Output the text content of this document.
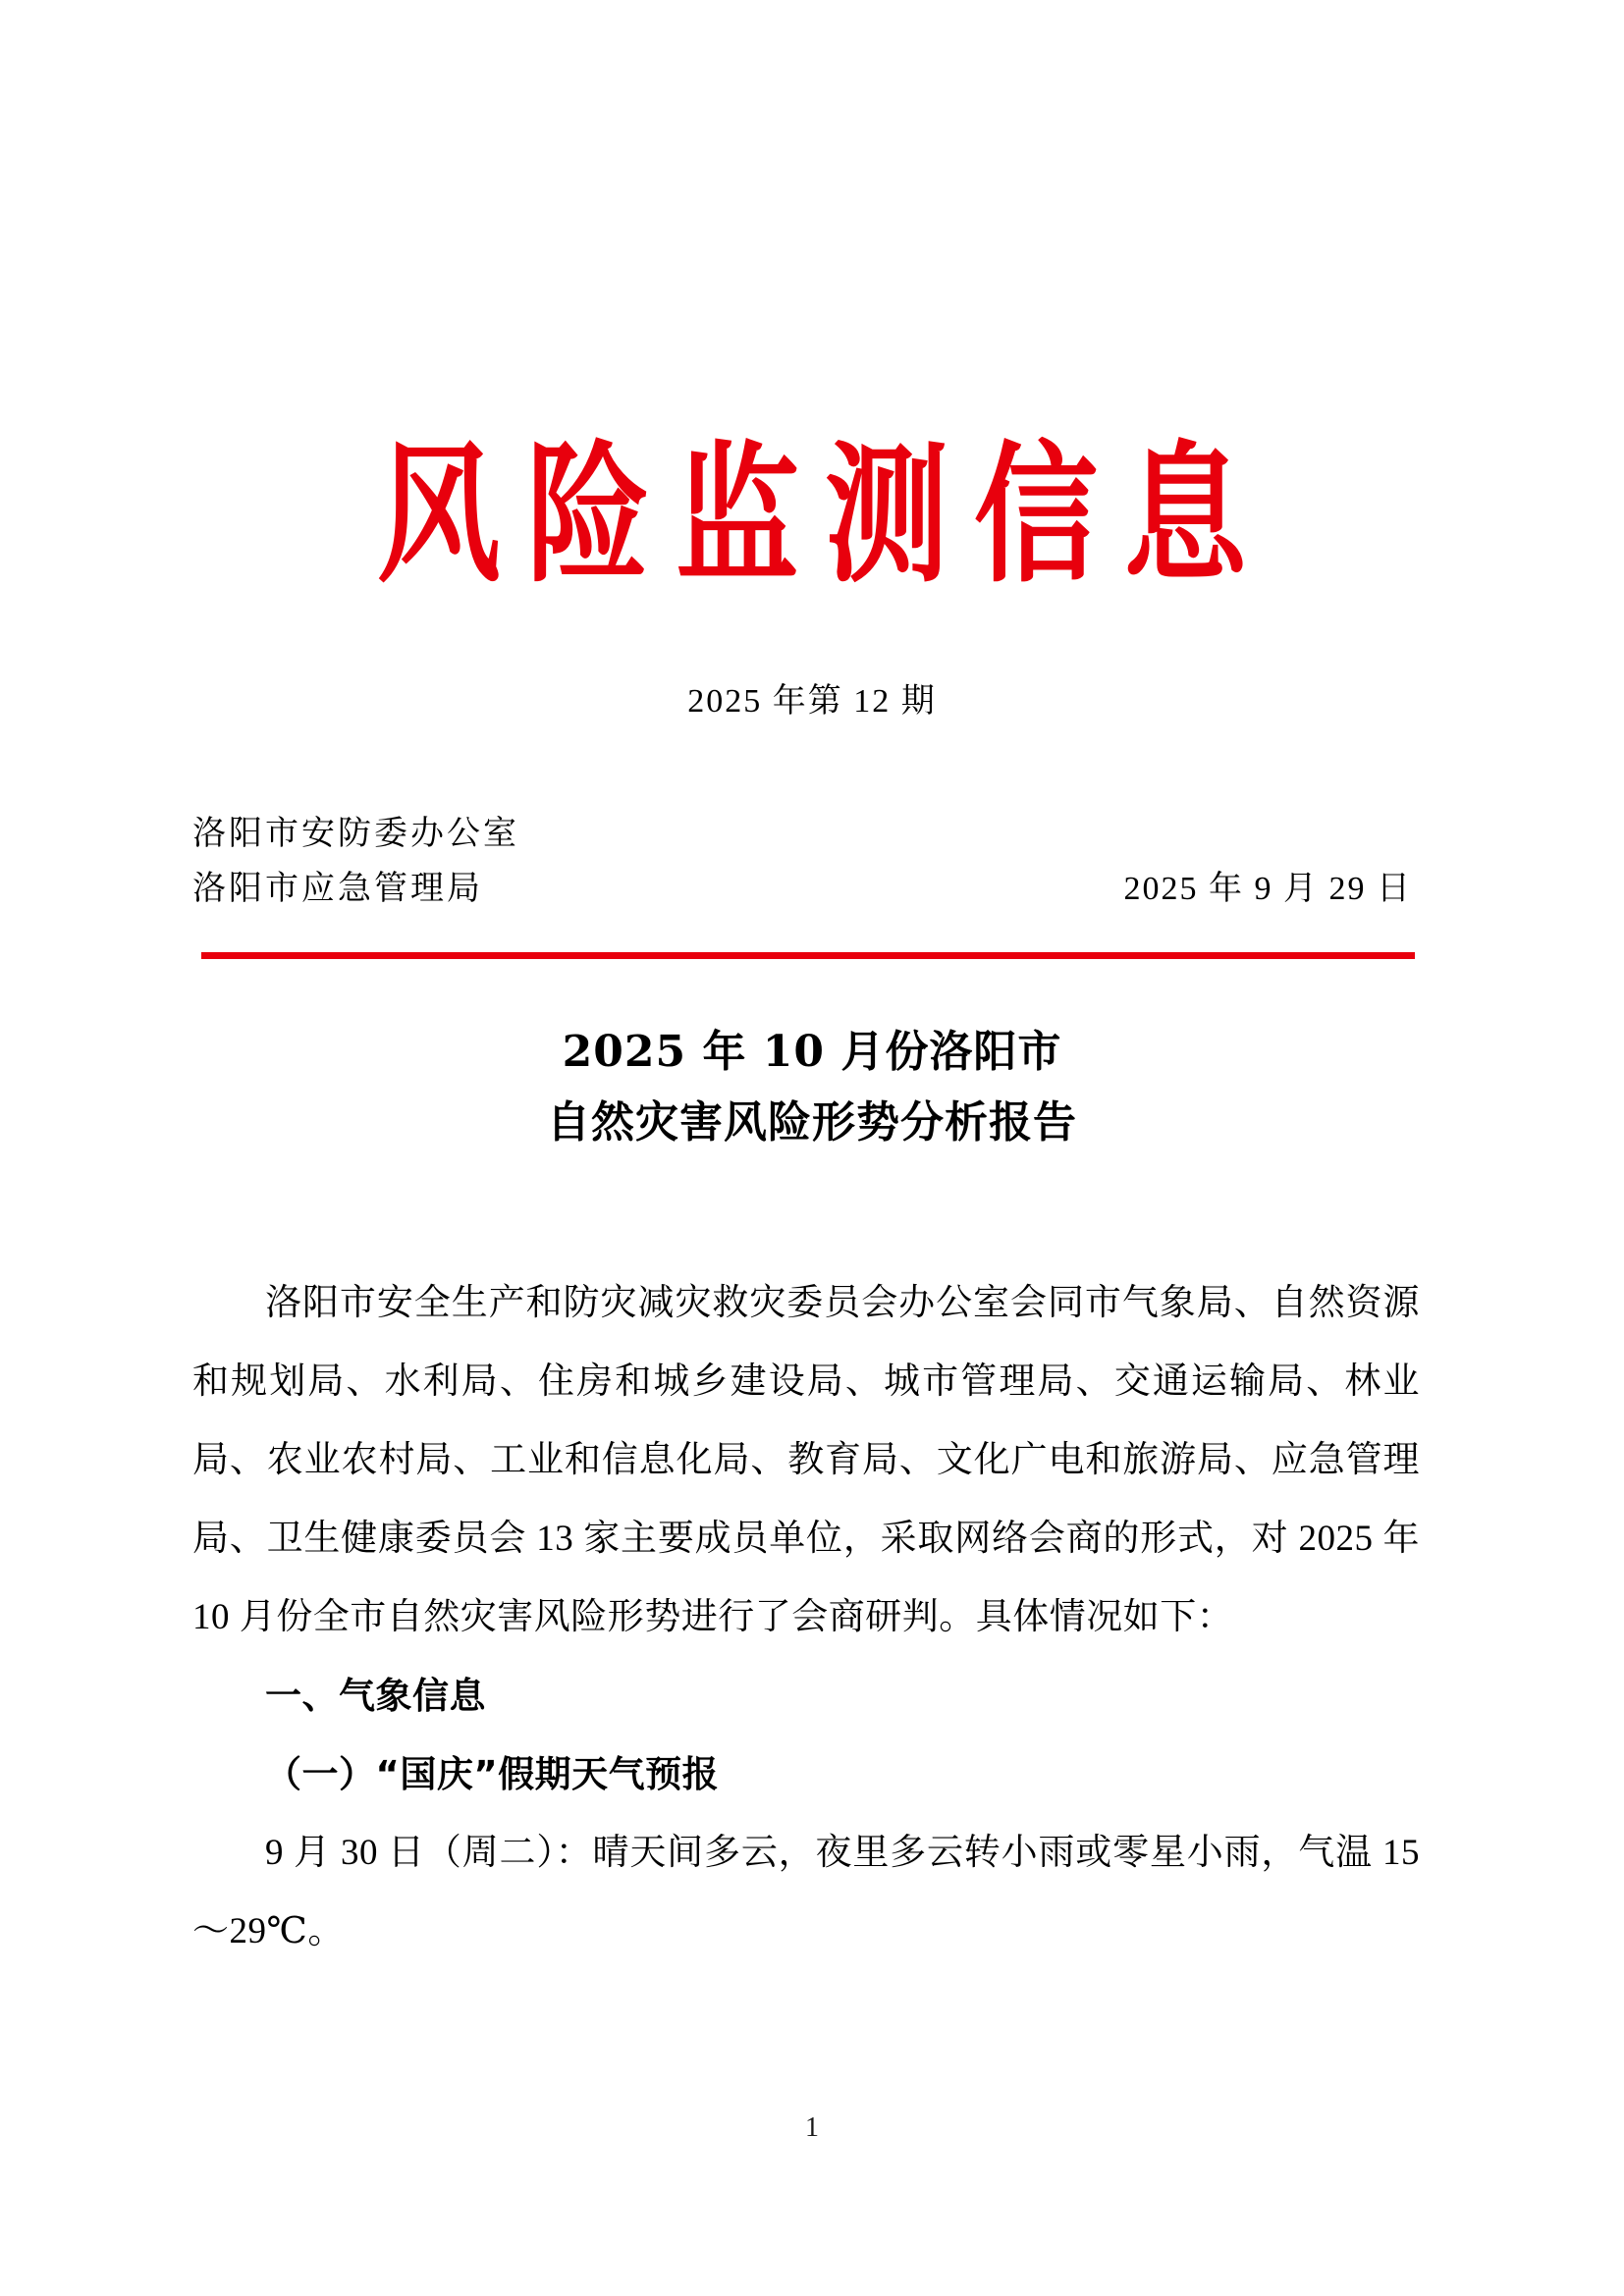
风险监测信息
2025 年第 12 期
洛阳市安防委办公室
洛阳市应急管理局	2025 年 9 月 29 日
2025 年 10 月份洛阳市
自然灾害风险形势分析报告

洛阳市安全生产和防灾减灾救灾委员会办公室会同市气象局、自然资源和规划局、水利局、住房和城乡建设局、城市管理局、交通运输局、林业局、农业农村局、工业和信息化局、教育局、文化广电和旅游局、应急管理局、卫生健康委员会 13 家主要成员单位，采取网络会商的形式，对 2025 年 10 月份全市自然灾害风险形势进行了会商研判。具体情况如下：

一、气象信息
（一）“国庆”假期天气预报

9 月 30 日（周二）：晴天间多云，夜里多云转小雨或零星小雨，气温 15～29℃。

1
